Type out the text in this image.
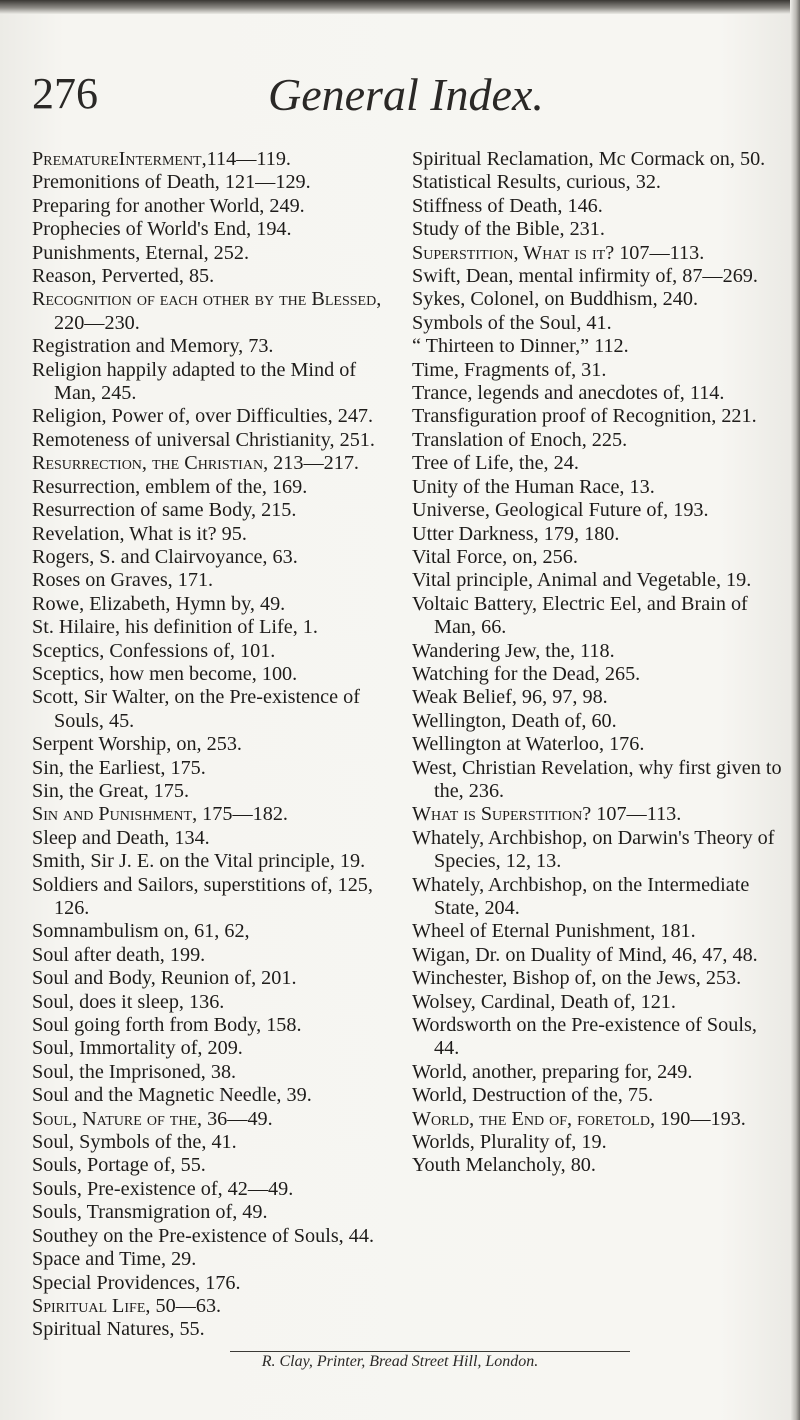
276	General Index.

PrematureInterment,114—119.

Premonitions of Death, 121—129.

Preparing for another World, 249.

Prophecies of World's End, 194.

Punishments, Eternal, 252.

Reason, Perverted, 85.

Recognition of each other by the Blessed, 220—230.

Registration and Memory, 73.

Religion happily adapted to the Mind of Man, 245.

Religion, Power of, over Difficulties, 247.

Remoteness of universal Christianity, 251.

Resurrection, the Christian, 213—217.

Resurrection, emblem of the, 169.

Resurrection of same Body, 215.

Revelation, What is it? 95.

Rogers, S. and Clairvoyance, 63.

Roses on Graves, 171.

Rowe, Elizabeth, Hymn by, 49.

St. Hilaire, his definition of Life, 1.

Sceptics, Confessions of, 101.

Sceptics, how men become, 100.

Scott, Sir Walter, on the Pre-existence of Souls, 45.

Serpent Worship, on, 253.

Sin, the Earliest, 175.

Sin, the Great, 175.

Sin and Punishment, 175—182.

Sleep and Death, 134.

Smith, Sir J. E. on the Vital principle, 19.

Soldiers and Sailors, superstitions of, 125, 126.

Somnambulism on, 61, 62,

Soul after death, 199.

Soul and Body, Reunion of, 201.

Soul, does it sleep, 136.

Soul going forth from Body, 158.

Soul, Immortality of, 209.

Soul, the Imprisoned, 38.

Soul and the Magnetic Needle, 39.

Soul, Nature of the, 36—49.

Soul, Symbols of the, 41.

Souls, Portage of, 55.

Souls, Pre-existence of, 42—49.

Souls, Transmigration of, 49.

Southey on the Pre-existence of Souls, 44.

Space and Time, 29.

Special Providences, 176.

Spiritual Life, 50—63.

Spiritual Natures, 55.

Spiritual Reclamation, Mc Cormack on, 50.

Statistical Results, curious, 32.

Stiffness of Death, 146.

Study of the Bible, 231.

Superstition, What is it? 107—113.

Swift, Dean, mental infirmity of, 87—269.

Sykes, Colonel, on Buddhism, 240.

Symbols of the Soul, 41.

“ Thirteen to Dinner,” 112.

Time, Fragments of, 31.

Trance, legends and anecdotes of, 114.

Transfiguration proof of Recognition, 221.

Translation of Enoch, 225.

Tree of Life, the, 24.

Unity of the Human Race, 13.

Universe, Geological Future of, 193.

Utter Darkness, 179, 180.

Vital Force, on, 256.

Vital principle, Animal and Vegetable, 19.

Voltaic Battery, Electric Eel, and Brain of Man, 66.

Wandering Jew, the, 118.

Watching for the Dead, 265.

Weak Belief, 96, 97, 98.

Wellington, Death of, 60.

Wellington at Waterloo, 176.

West, Christian Revelation, why first given to the, 236.

What is Superstition? 107—113.

Whately, Archbishop, on Darwin's Theory of Species, 12, 13.

Whately, Archbishop, on the Intermediate State, 204.

Wheel of Eternal Punishment, 181.

Wigan, Dr. on Duality of Mind, 46, 47, 48.

Winchester, Bishop of, on the Jews, 253.

Wolsey, Cardinal, Death of, 121.

Wordsworth on the Pre-existence of Souls, 44.

World, another, preparing for, 249.

World, Destruction of the, 75.

World, the End of, foretold, 190—193.

Worlds, Plurality of, 19.

Youth Melancholy, 80.

R. Clay, Printer, Bread Street Hill, London.
